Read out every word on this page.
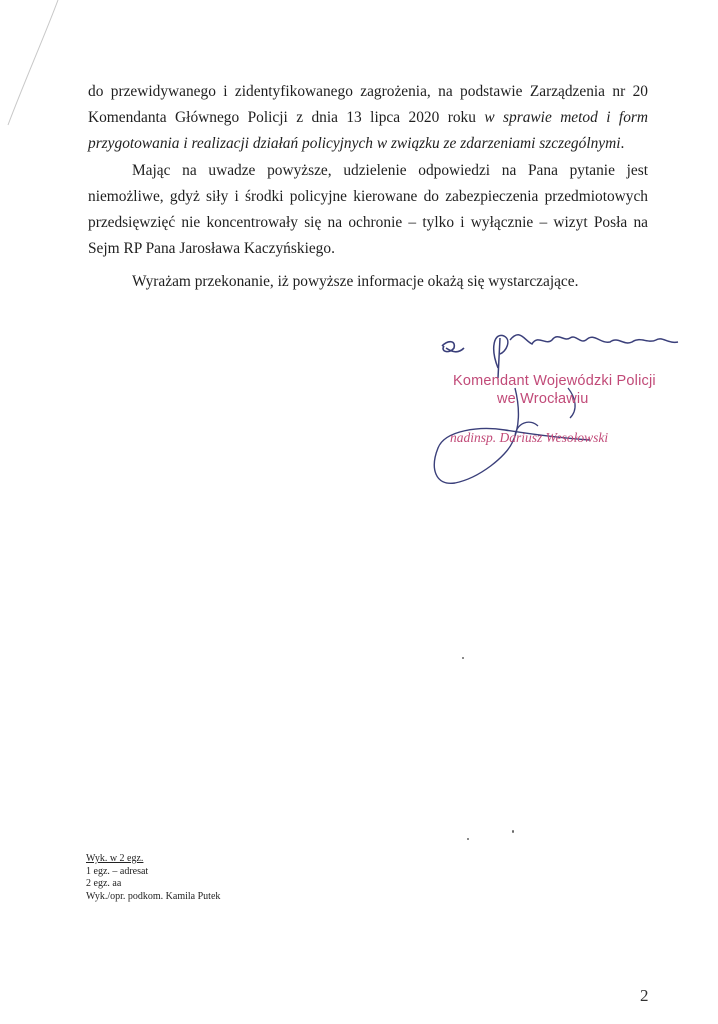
do przewidywanego i zidentyfikowanego zagrożenia, na podstawie Zarządzenia nr 20 Komendanta Głównego Policji z dnia 13 lipca 2020 roku w sprawie metod i form przygotowania i realizacji działań policyjnych w związku ze zdarzeniami szczególnymi.

Mając na uwadze powyższe, udzielenie odpowiedzi na Pana pytanie jest niemożliwe, gdyż siły i środki policyjne kierowane do zabezpieczenia przedmiotowych przedsięwzięć nie koncentrowały się na ochronie – tylko i wyłącznie – wizyt Posła na Sejm RP Pana Jarosława Kaczyńskiego.

Wyrażam przekonanie, iż powyższe informacje okażą się wystarczające.

Komendant Wojewódzki Policji
we Wrocławiu
nadinsp. Dariusz Wesołowski
Wyk. w 2 egz.
1 egz. – adresat
2 egz. aa
Wyk./opr. podkom. Kamila Putek
2
